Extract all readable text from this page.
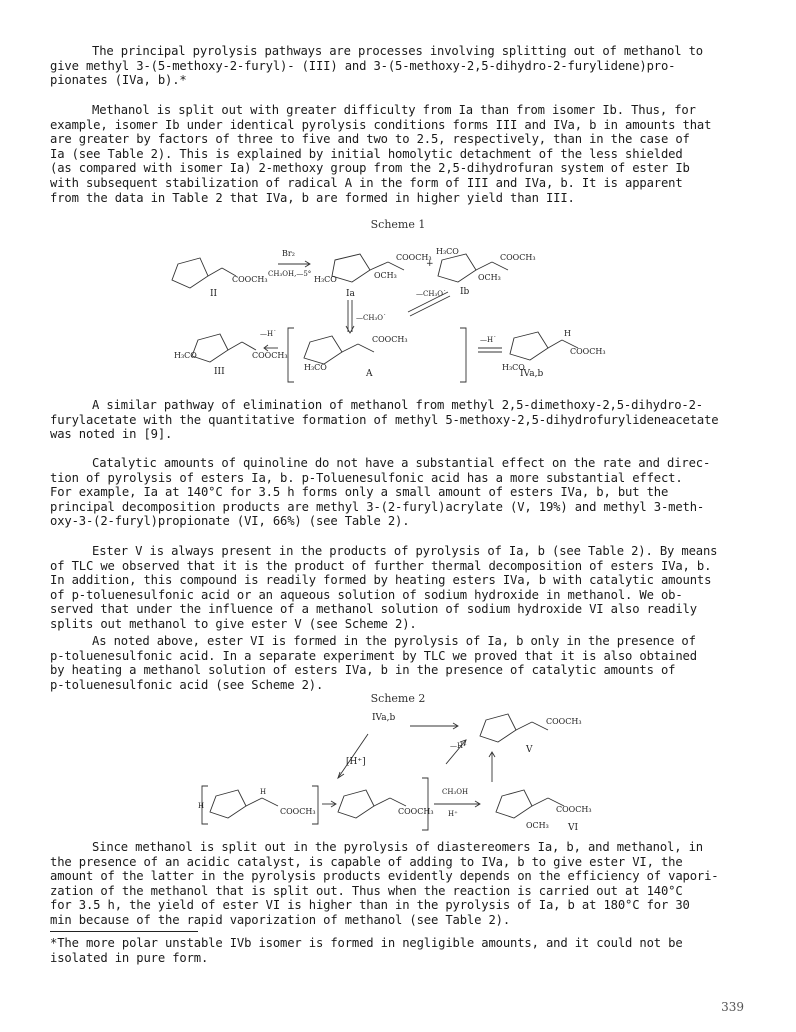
The principal pyrolysis pathways are processes involving splitting out of methanol to
give methyl 3-(5-methoxy-2-furyl)- (III) and 3-(5-methoxy-2,5-dihydro-2-furylidene)pro-
pionates (IVa, b).*
Methanol is split out with greater difficulty from Ia than from isomer Ib. Thus, for
example, isomer Ib under identical pyrolysis conditions forms III and IVa, b in amounts that
are greater by factors of three to five and two to 2.5, respectively, than in the case of
Ia (see Table 2). This is explained by initial homolytic detachment of the less shielded
(as compared with isomer Ia) 2-methoxy group from the 2,5-dihydrofuran system of ester Ib
with subsequent stabilization of radical A in the form of III and IVa, b. It is apparent
from the data in Table 2 that IVa, b are formed in higher yield than III.
Scheme 1
II
COOCH₃
Br₂
CH₃OH,—5°
H₃CO	OCH₃
COOCH₃
Ia
+
H₃CO
COOCH₃
OCH₃
Ib
—CH₃O˙
—CH₃O˙
—H˙
H₃CO	COOCH₃
III	H₃CO
COOCH₃
A
—H˙
H₃CO
COOCH₃
H
IVa,b
A similar pathway of elimination of methanol from methyl 2,5-dimethoxy-2,5-dihydro-2-
furylacetate with the quantitative formation of methyl 5-methoxy-2,5-dihydrofurylideneacetate
was noted in [9].
Catalytic amounts of quinoline do not have a substantial effect on the rate and direc-
tion of pyrolysis of esters Ia, b. p-Toluenesulfonic acid has a more substantial effect.
For example, Ia at 140°C for 3.5 h forms only a small amount of esters IVa, b, but the
principal decomposition products are methyl 3-(2-furyl)acrylate (V, 19%) and methyl 3-meth-
oxy-3-(2-furyl)propionate (VI, 66%) (see Table 2).
Ester V is always present in the products of pyrolysis of Ia, b (see Table 2). By means
of TLC we observed that it is the product of further thermal decomposition of esters IVa, b.
In addition, this compound is readily formed by heating esters IVa, b with catalytic amounts
of p-toluenesulfonic acid or an aqueous solution of sodium hydroxide in methanol. We ob-
served that under the influence of a methanol solution of sodium hydroxide VI also readily
splits out methanol to give ester V (see Scheme 2).
As noted above, ester VI is formed in the pyrolysis of Ia, b only in the presence of
p-toluenesulfonic acid. In a separate experiment by TLC we proved that it is also obtained
by heating a methanol solution of esters IVa, b in the presence of catalytic amounts of
p-toluenesulfonic acid (see Scheme 2).
Scheme 2
IVa,b	COOCH₃
V
—H⁺
[H⁺]
H
H
COOCH₃	COOCH₃
CH₃OH
H⁺	COOCH₃
OCH₃ VI
Since methanol is split out in the pyrolysis of diastereomers Ia, b, and methanol, in
the presence of an acidic catalyst, is capable of adding to IVa, b to give ester VI, the
amount of the latter in the pyrolysis products evidently depends on the efficiency of vapori-
zation of the methanol that is split out. Thus when the reaction is carried out at 140°C
for 3.5 h, the yield of ester VI is higher than in the pyrolysis of Ia, b at 180°C for 30
min because of the rapid vaporization of methanol (see Table 2).
*The more polar unstable IVb isomer is formed in negligible amounts, and it could not be
isolated in pure form.
339
